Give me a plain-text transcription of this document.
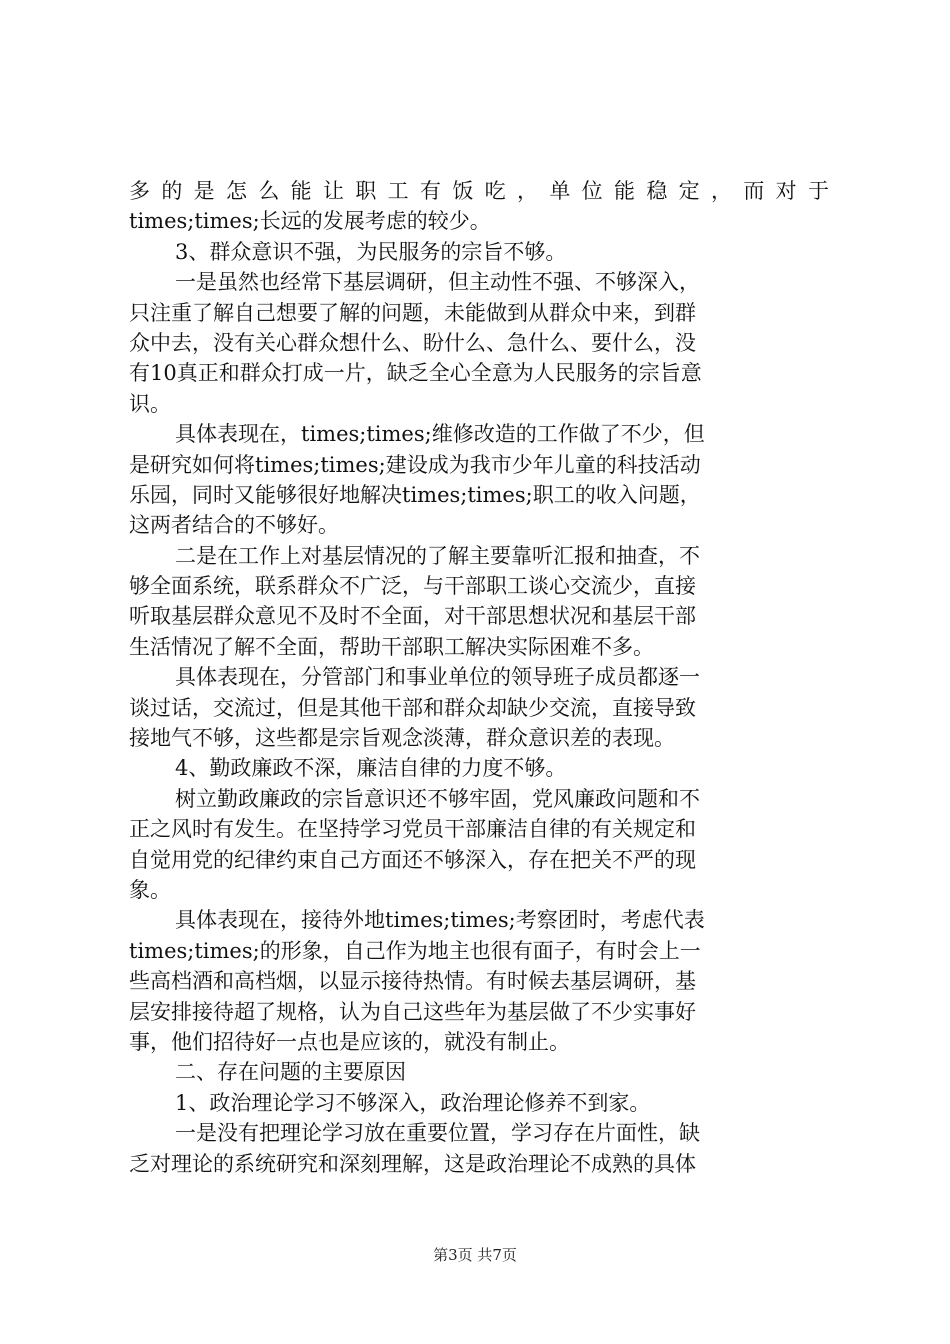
多的是怎么能让职工有饭吃，单位能稳定，而对于
times;times;长远的发展考虑的较少。
3、群众意识不强，为民服务的宗旨不够。
一是虽然也经常下基层调研，但主动性不强、不够深入，
只注重了解自己想要了解的问题，未能做到从群众中来，到群
众中去，没有关心群众想什么、盼什么、急什么、要什么，没
有10真正和群众打成一片，缺乏全心全意为人民服务的宗旨意
识。
具体表现在，times;times;维修改造的工作做了不少，但
是研究如何将times;times;建设成为我市少年儿童的科技活动
乐园，同时又能够很好地解决times;times;职工的收入问题，
这两者结合的不够好。
二是在工作上对基层情况的了解主要靠听汇报和抽查，不
够全面系统，联系群众不广泛，与干部职工谈心交流少，直接
听取基层群众意见不及时不全面，对干部思想状况和基层干部
生活情况了解不全面，帮助干部职工解决实际困难不多。
具体表现在，分管部门和事业单位的领导班子成员都逐一
谈过话，交流过，但是其他干部和群众却缺少交流，直接导致
接地气不够，这些都是宗旨观念淡薄，群众意识差的表现。
4、勤政廉政不深，廉洁自律的力度不够。
树立勤政廉政的宗旨意识还不够牢固，党风廉政问题和不
正之风时有发生。在坚持学习党员干部廉洁自律的有关规定和
自觉用党的纪律约束自己方面还不够深入，存在把关不严的现
象。
具体表现在，接待外地times;times;考察团时，考虑代表
times;times;的形象，自己作为地主也很有面子，有时会上一
些高档酒和高档烟，以显示接待热情。有时候去基层调研，基
层安排接待超了规格，认为自己这些年为基层做了不少实事好
事，他们招待好一点也是应该的，就没有制止。
二、存在问题的主要原因
1、政治理论学习不够深入，政治理论修养不到家。
一是没有把理论学习放在重要位置，学习存在片面性，缺
乏对理论的系统研究和深刻理解，这是政治理论不成熟的具体
第3页 共7页
